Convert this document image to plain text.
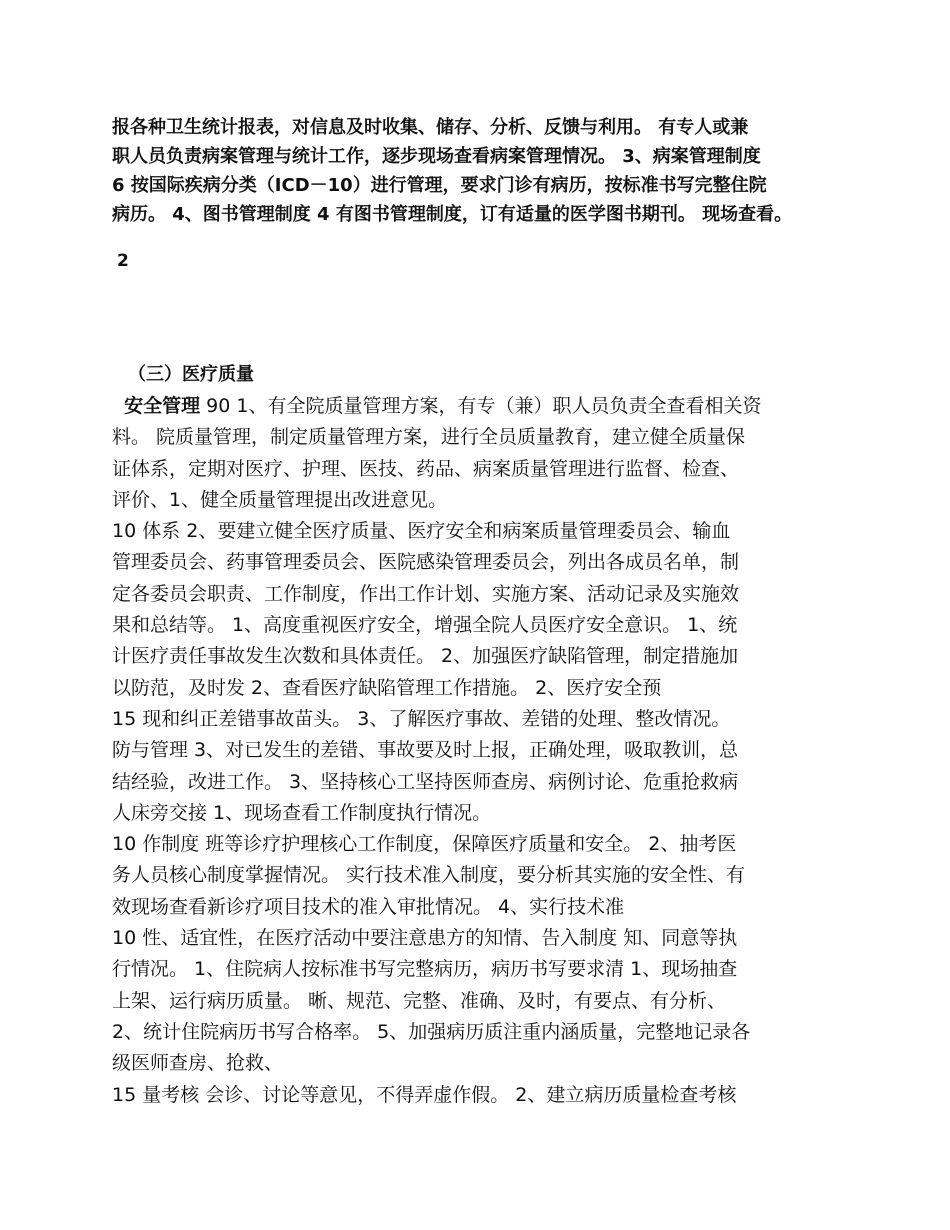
报各种卫生统计报表，对信息及时收集、储存、分析、反馈与利用。 有专人或兼
职人员负责病案管理与统计工作，逐步现场查看病案管理情况。 3、病案管理制度
6 按国际疾病分类（ICD－10）进行管理，要求门诊有病历，按标准书写完整住院
病历。 4、图书管理制度 4 有图书管理制度，订有适量的医学图书期刊。 现场查看。
2
（三）医疗质量
安全管理 90 1、有全院质量管理方案，有专（兼）职人员负责全查看相关资
料。 院质量管理，制定质量管理方案，进行全员质量教育，建立健全质量保
证体系，定期对医疗、护理、医技、药品、病案质量管理进行监督、检查、
评价、1、健全质量管理提出改进意见。
10 体系 2、要建立健全医疗质量、医疗安全和病案质量管理委员会、输血
管理委员会、药事管理委员会、医院感染管理委员会，列出各成员名单，制
定各委员会职责、工作制度，作出工作计划、实施方案、活动记录及实施效
果和总结等。 1、高度重视医疗安全，增强全院人员医疗安全意识。 1、统
计医疗责任事故发生次数和具体责任。 2、加强医疗缺陷管理，制定措施加
以防范，及时发 2、查看医疗缺陷管理工作措施。 2、医疗安全预
15 现和纠正差错事故苗头。 3、了解医疗事故、差错的处理、整改情况。
防与管理 3、对已发生的差错、事故要及时上报，正确处理，吸取教训，总
结经验，改进工作。 3、坚持核心工坚持医师查房、病例讨论、危重抢救病
人床旁交接 1、现场查看工作制度执行情况。
10 作制度 班等诊疗护理核心工作制度，保障医疗质量和安全。 2、抽考医
务人员核心制度掌握情况。 实行技术准入制度，要分析其实施的安全性、有
效现场查看新诊疗项目技术的准入审批情况。 4、实行技术准
10 性、适宜性，在医疗活动中要注意患方的知情、告入制度 知、同意等执
行情况。 1、住院病人按标准书写完整病历，病历书写要求清 1、现场抽查
上架、运行病历质量。 晰、规范、完整、准确、及时，有要点、有分析、
2、统计住院病历书写合格率。 5、加强病历质注重内涵质量，完整地记录各
级医师查房、抢救、
15 量考核 会诊、讨论等意见，不得弄虚作假。 2、建立病历质量检查考核
